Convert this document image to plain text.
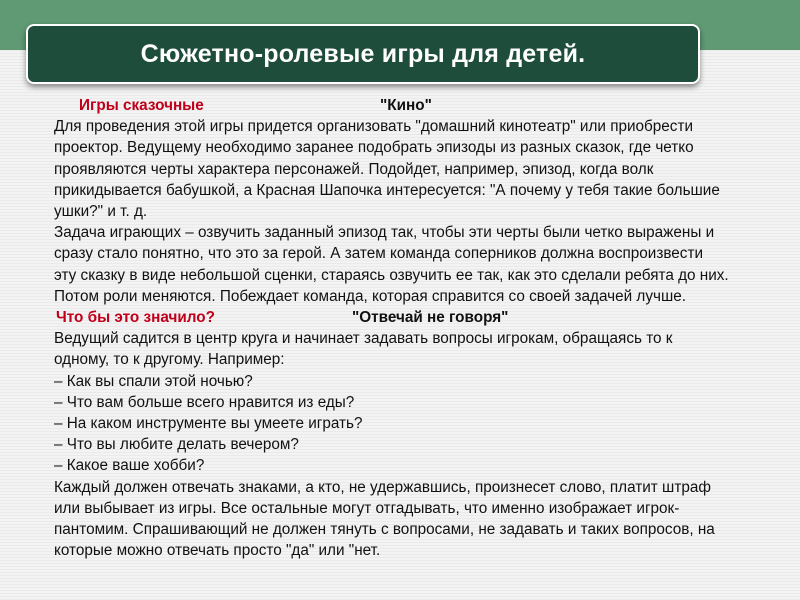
Сюжетно-ролевые игры для детей.
Игры сказочные	"Кино"
Для проведения этой игры придется организовать "домашний кинотеатр" или приобрести
проектор. Ведущему необходимо заранее подобрать эпизоды из разных сказок, где четко
проявляются черты характера персонажей. Подойдет, например, эпизод, когда волк
прикидывается бабушкой, а Красная Шапочка интересуется: "А почему у тебя такие большие
ушки?" и т. д.
Задача играющих – озвучить заданный эпизод так, чтобы эти черты были четко выражены и
сразу стало понятно, что это за герой. А затем команда соперников должна воспроизвести
эту сказку в виде небольшой сценки, стараясь озвучить ее так, как это сделали ребята до них.
Потом роли меняются. Побеждает команда, которая справится со своей задачей лучше.
Что бы это значило?	"Отвечай не говоря"
Ведущий садится в центр круга и начинает задавать вопросы игрокам, обращаясь то к
одному, то к другому. Например:
– Как вы спали этой ночью?
– Что вам больше всего нравится из еды?
– На каком инструменте вы умеете играть?
– Что вы любите делать вечером?
– Какое ваше хобби?
Каждый должен отвечать знаками, а кто, не удержавшись, произнесет слово, платит штраф
или выбывает из игры. Все остальные могут отгадывать, что именно изображает игрок-
пантомим. Спрашивающий не должен тянуть с вопросами, не задавать и таких вопросов, на
которые можно отвечать просто "да" или "нет.
